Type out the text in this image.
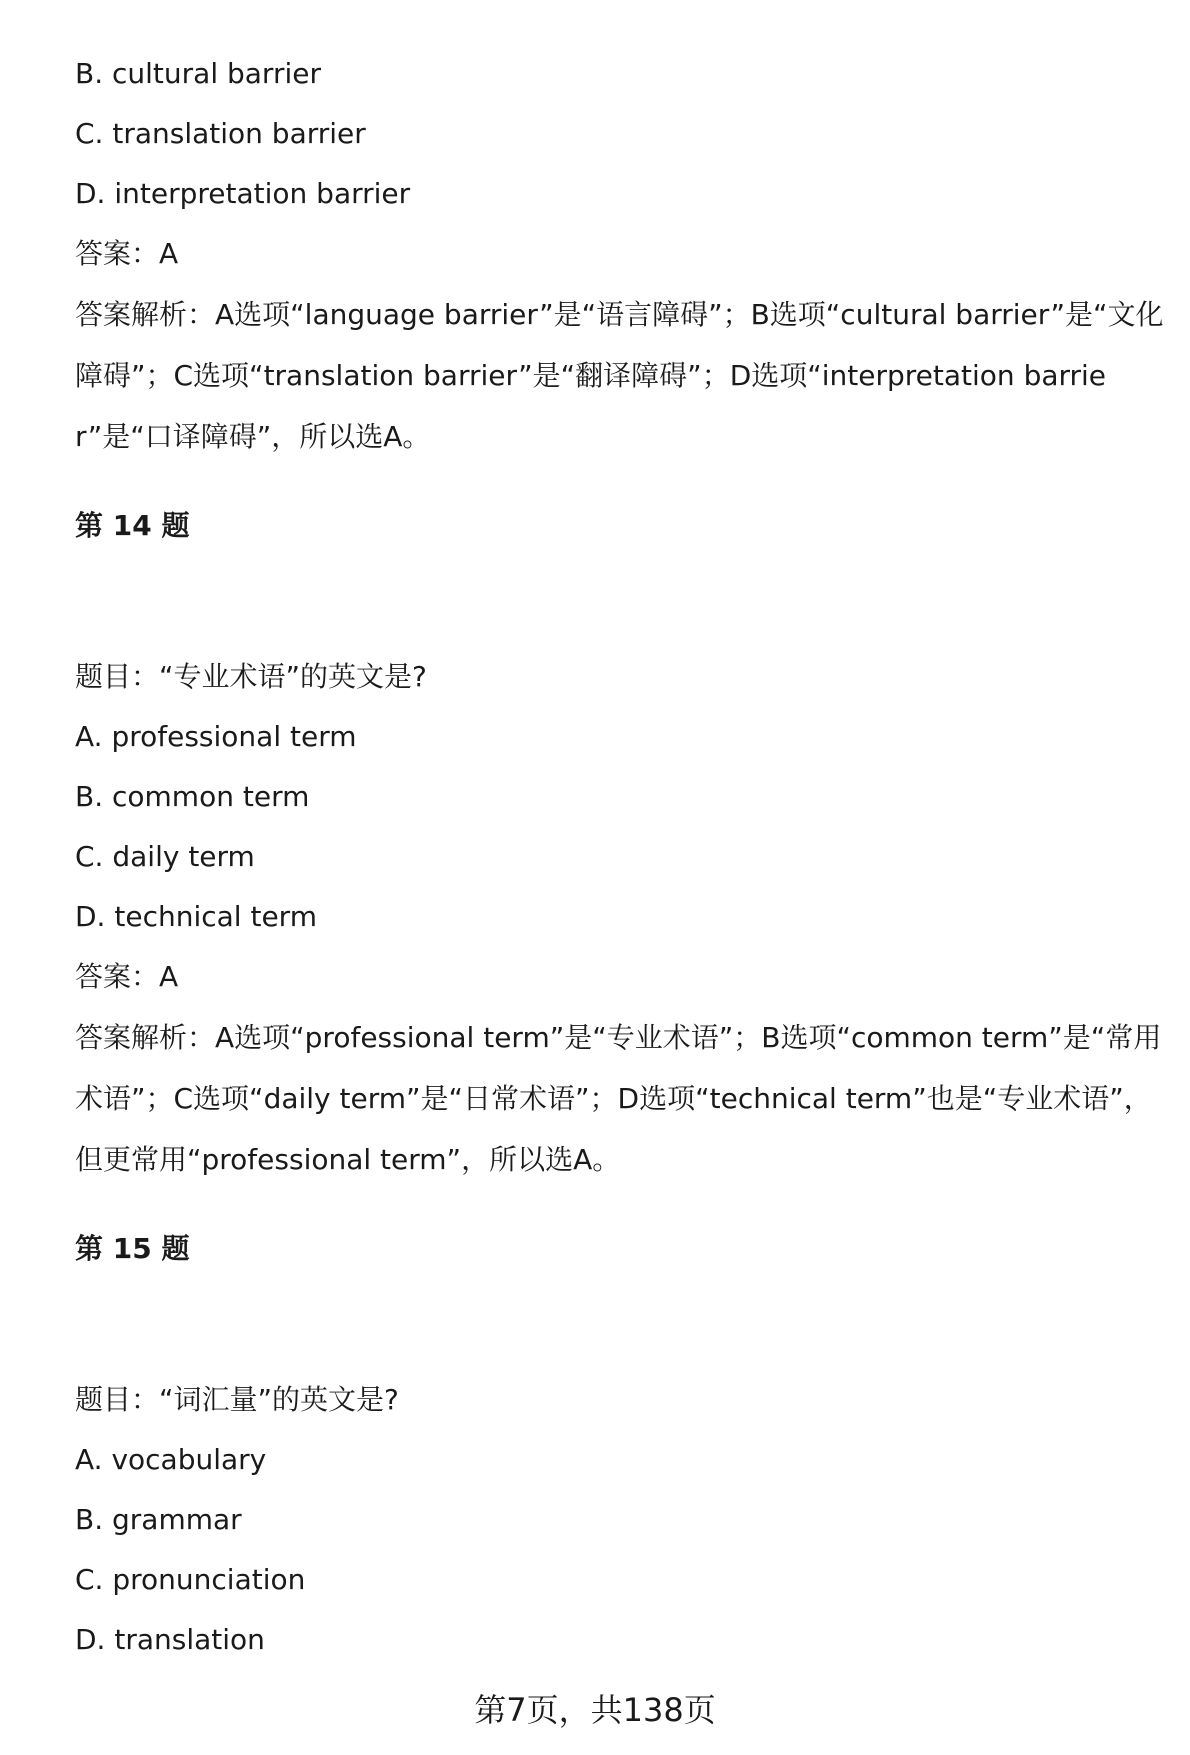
B. cultural barrier
C. translation barrier
D. interpretation barrier
答案：A
答案解析：A选项“language barrier”是“语言障碍”；B选项“cultural barrier”是“文化障碍”；C选项“translation barrier”是“翻译障碍”；D选项“interpretation barrier”是“口译障碍”，所以选A。
第 14 题
题目：“专业术语”的英文是?
A. professional term
B. common term
C. daily term
D. technical term
答案：A
答案解析：A选项“professional term”是“专业术语”；B选项“common term”是“常用术语”；C选项“daily term”是“日常术语”；D选项“technical term”也是“专业术语”，但更常用“professional term”，所以选A。
第 15 题
题目：“词汇量”的英文是?
A. vocabulary
B. grammar
C. pronunciation
D. translation
第7页，共138页
